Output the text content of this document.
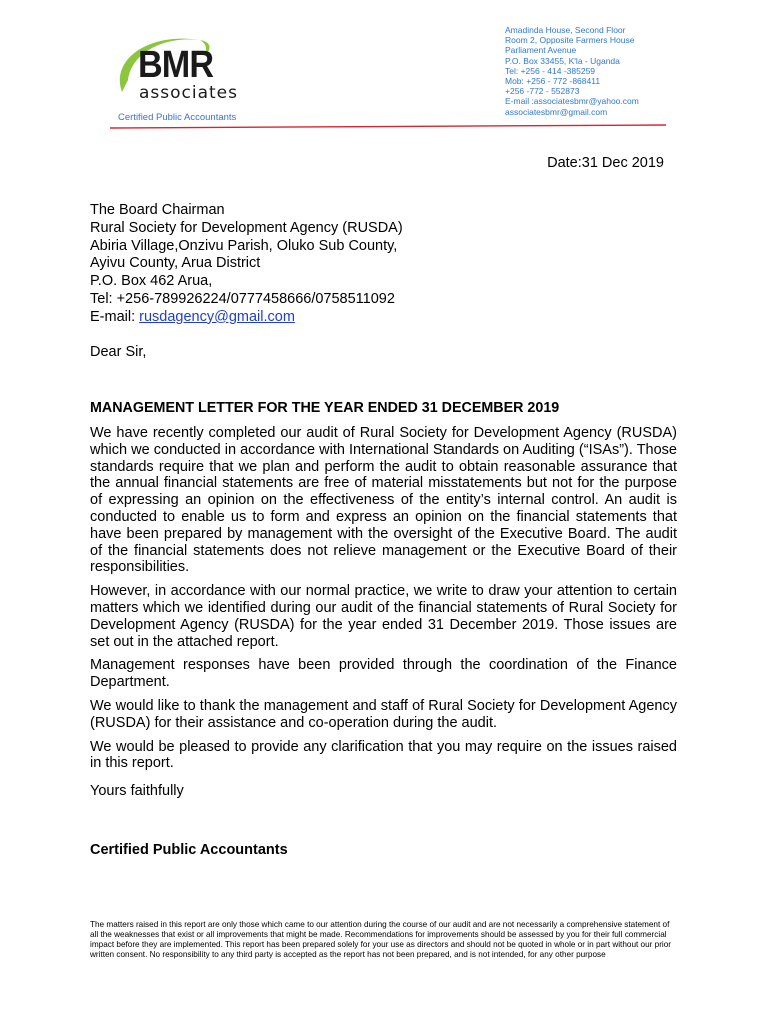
BMR
associates
Certified Public Accountants
Amadinda House, Second Floor
Room 2, Opposite Farmers House
Parliament Avenue
P.O. Box 33455, K'la - Uganda
Tel: +256 - 414 -385259
Mob: +256 - 772 -868411
+256 -772 - 552873
E-mail :associatesbmr@yahoo.com
associatesbmr@gmail.com
Date:31 Dec 2019
The Board Chairman
Rural Society for Development Agency (RUSDA)
Abiria Village,Onzivu Parish, Oluko Sub County,
Ayivu County, Arua District
P.O. Box 462 Arua,
Tel: +256-789926224/0777458666/0758511092
E-mail: rusdagency@gmail.com
Dear Sir,
MANAGEMENT LETTER FOR THE YEAR ENDED 31 DECEMBER 2019

We have recently completed our audit of Rural Society for Development Agency (RUSDA) which we conducted in accordance with International Standards on Auditing (“ISAs”). Those standards require that we plan and perform the audit to obtain reasonable assurance that the annual financial statements are free of material misstatements but not for the purpose of expressing an opinion on the effectiveness of the entity’s internal control. An audit is conducted to enable us to form and express an opinion on the financial statements that have been prepared by management with the oversight of the Executive Board. The audit of the financial statements does not relieve management or the Executive Board of their responsibilities.

However, in accordance with our normal practice, we write to draw your attention to certain matters which we identified during our audit of the financial statements of Rural Society for Development Agency (RUSDA) for the year ended 31 December 2019. Those issues are set out in the attached report.

Management responses have been provided through the coordination of the Finance Department.

We would like to thank the management and staff of Rural Society for Development Agency (RUSDA) for their assistance and co-operation during the audit.

We would be pleased to provide any clarification that you may require on the issues raised in this report.

Yours faithfully
Certified Public Accountants
The matters raised in this report are only those which came to our attention during the course of our audit and are not necessarily a comprehensive statement of all the weaknesses that exist or all improvements that might be made. Recommendations for improvements should be assessed by you for their full commercial impact before they are implemented. This report has been prepared solely for your use as directors and should not be quoted in whole or in part without our prior written consent. No responsibility to any third party is accepted as the report has not been prepared, and is not intended, for any other purpose
